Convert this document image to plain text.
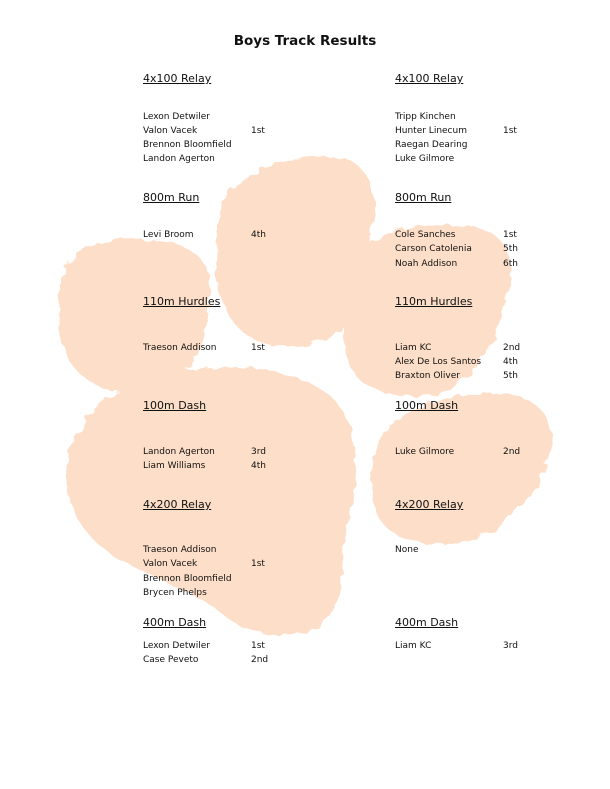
Boys Track Results
4x100 Relay
Lexon Detwiler
Valon Vacek	1st
Brennon Bloomfield
Landon Agerton
800m Run
Levi Broom	4th
110m Hurdles
Traeson Addison	1st
100m Dash
Landon Agerton	3rd
Liam Williams	4th
4x200 Relay
Traeson Addison
Valon Vacek	1st
Brennon Bloomfield
Brycen Phelps
400m Dash
Lexon Detwiler	1st
Case Peveto	2nd
4x100 Relay
Tripp Kinchen
Hunter Linecum	1st
Raegan Dearing
Luke Gilmore
800m Run
Cole Sanches	1st
Carson Catolenia	5th
Noah Addison	6th
110m Hurdles
Liam KC	2nd
Alex De Los Santos 4th
Braxton Oliver	5th
100m Dash
Luke Gilmore	2nd
4x200 Relay
None
400m Dash
Liam KC	3rd
